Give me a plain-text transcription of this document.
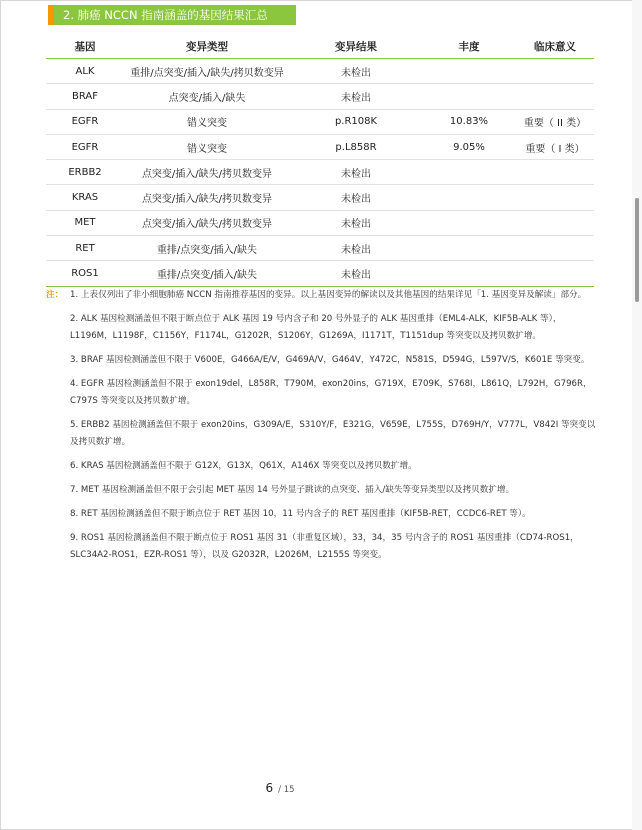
2. 肺癌 NCCN 指南涵盖的基因结果汇总
基因	变异类型	变异结果	丰度	临床意义
ALK	重排/点突变/插入/缺失/拷贝数变异	未检出		
BRAF	点突变/插入/缺失	未检出		
EGFR	错义突变	p.R108K	10.83%	重要（ II 类）
EGFR	错义突变	p.L858R	9.05%	重要（ I 类）
ERBB2	点突变/插入/缺失/拷贝数变异	未检出		
KRAS	点突变/插入/缺失/拷贝数变异	未检出		
MET	点突变/插入/缺失/拷贝数变异	未检出		
RET	重排/点突变/插入/缺失	未检出		
ROS1	重排/点突变/插入/缺失	未检出		
注： 1. 上表仅列出了非小细胞肺癌 NCCN 指南推荐基因的变异。以上基因变异的解读以及其他基因的结果详见「1. 基因变异及解读」部分。

2. ALK 基因检测涵盖但不限于断点位于 ALK 基因 19 号内含子和 20 号外显子的 ALK 基因重排（EML4-ALK，KIF5B-ALK 等），L1196M，L1198F，C1156Y，F1174L，G1202R，S1206Y，G1269A，I1171T，T1151dup 等突变以及拷贝数扩增。

3. BRAF 基因检测涵盖但不限于 V600E，G466A/E/V，G469A/V，G464V，Y472C，N581S，D594G，L597V/S，K601E 等突变。

4. EGFR 基因检测涵盖但不限于 exon19del，L858R，T790M，exon20ins，G719X，E709K，S768I，L861Q，L792H，G796R，C797S 等突变以及拷贝数扩增。

5. ERBB2 基因检测涵盖但不限于 exon20ins，G309A/E，S310Y/F，E321G，V659E，L755S，D769H/Y，V777L，V842I 等突变以及拷贝数扩增。

6. KRAS 基因检测涵盖但不限于 G12X，G13X，Q61X，A146X 等突变以及拷贝数扩增。

7. MET 基因检测涵盖但不限于会引起 MET 基因 14 号外显子跳读的点突变、插入/缺失等变异类型以及拷贝数扩增。

8. RET 基因检测涵盖但不限于断点位于 RET 基因 10，11 号内含子的 RET 基因重排（KIF5B-RET，CCDC6-RET 等）。

9. ROS1 基因检测涵盖但不限于断点位于 ROS1 基因 31（非重复区域），33，34，35 号内含子的 ROS1 基因重排（CD74-ROS1，SLC34A2-ROS1，EZR-ROS1 等），以及 G2032R，L2026M，L2155S 等突变。

6 / 15
